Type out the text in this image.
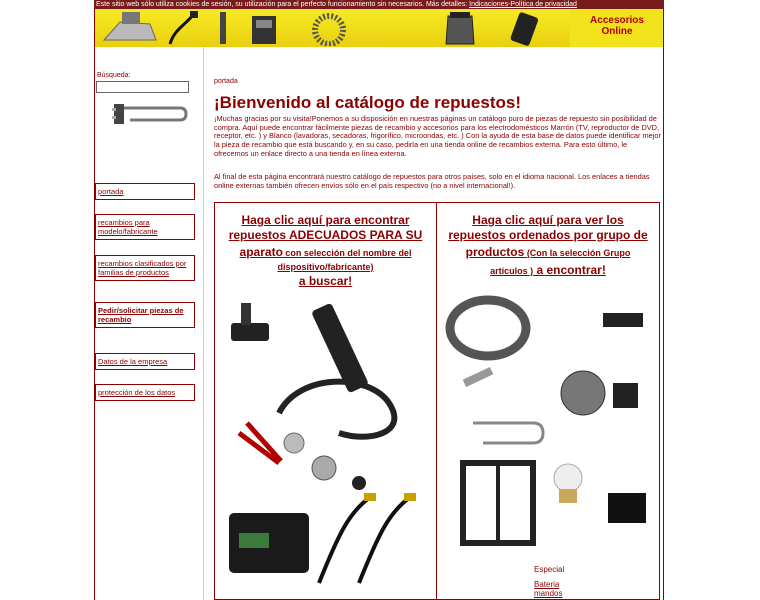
Este sitio web sólo utiliza cookies de sesión, su utilización para el perfecto funcionamiento sin necesarios. Más detalles: Indicaciones-Política de privacidad
Accesorios
Online
Búsqueda:
portada
recambios para modelo/fabricante
recambios clasificados por familias de productos
Pedir/solicitar piezas de recambio
Datos de la empresa
protección de los datos
portada
¡Bienvenido al catálogo de repuestos!
¡Muchas gracias por su visita!Ponemos a su disposición en nuestras páginas un catálogo puro de piezas de repuesto sin posibilidad de compra. Aquí puede encontrar fácilmente piezas de recambio y accesorios para los electrodomésticos Marrón (TV, reproductor de DVD, receptor, etc. ) y Blanco (lavadoras, secadoras, frigorífico, microondas, etc. ) Con la ayuda de esta base de datos puede identificar mejor la pieza de recambio que está buscando y, en su caso, pedirla en una tienda online de recambios externa. Para esto último, le ofrecemos un enlace directo a una tienda en línea externa.
Al final de esta página encontrará nuestro catálogo de repuestos para otros países, solo en el idioma nacional. Los enlaces a tiendas online externas también ofrecen envíos sólo en el país respectivo (no a nivel internacional!).
Haga clic aquí para encontrar
repuestos ADECUADOS PARA SU
aparato con selección del nombre del
dispositivo/fabricante)
a buscar!
Haga clic aquí para ver los
repuestos ordenados por grupo de
productos (Con la selección Grupo
artículos ) a encontrar!
Especial
Bateria
mandos
